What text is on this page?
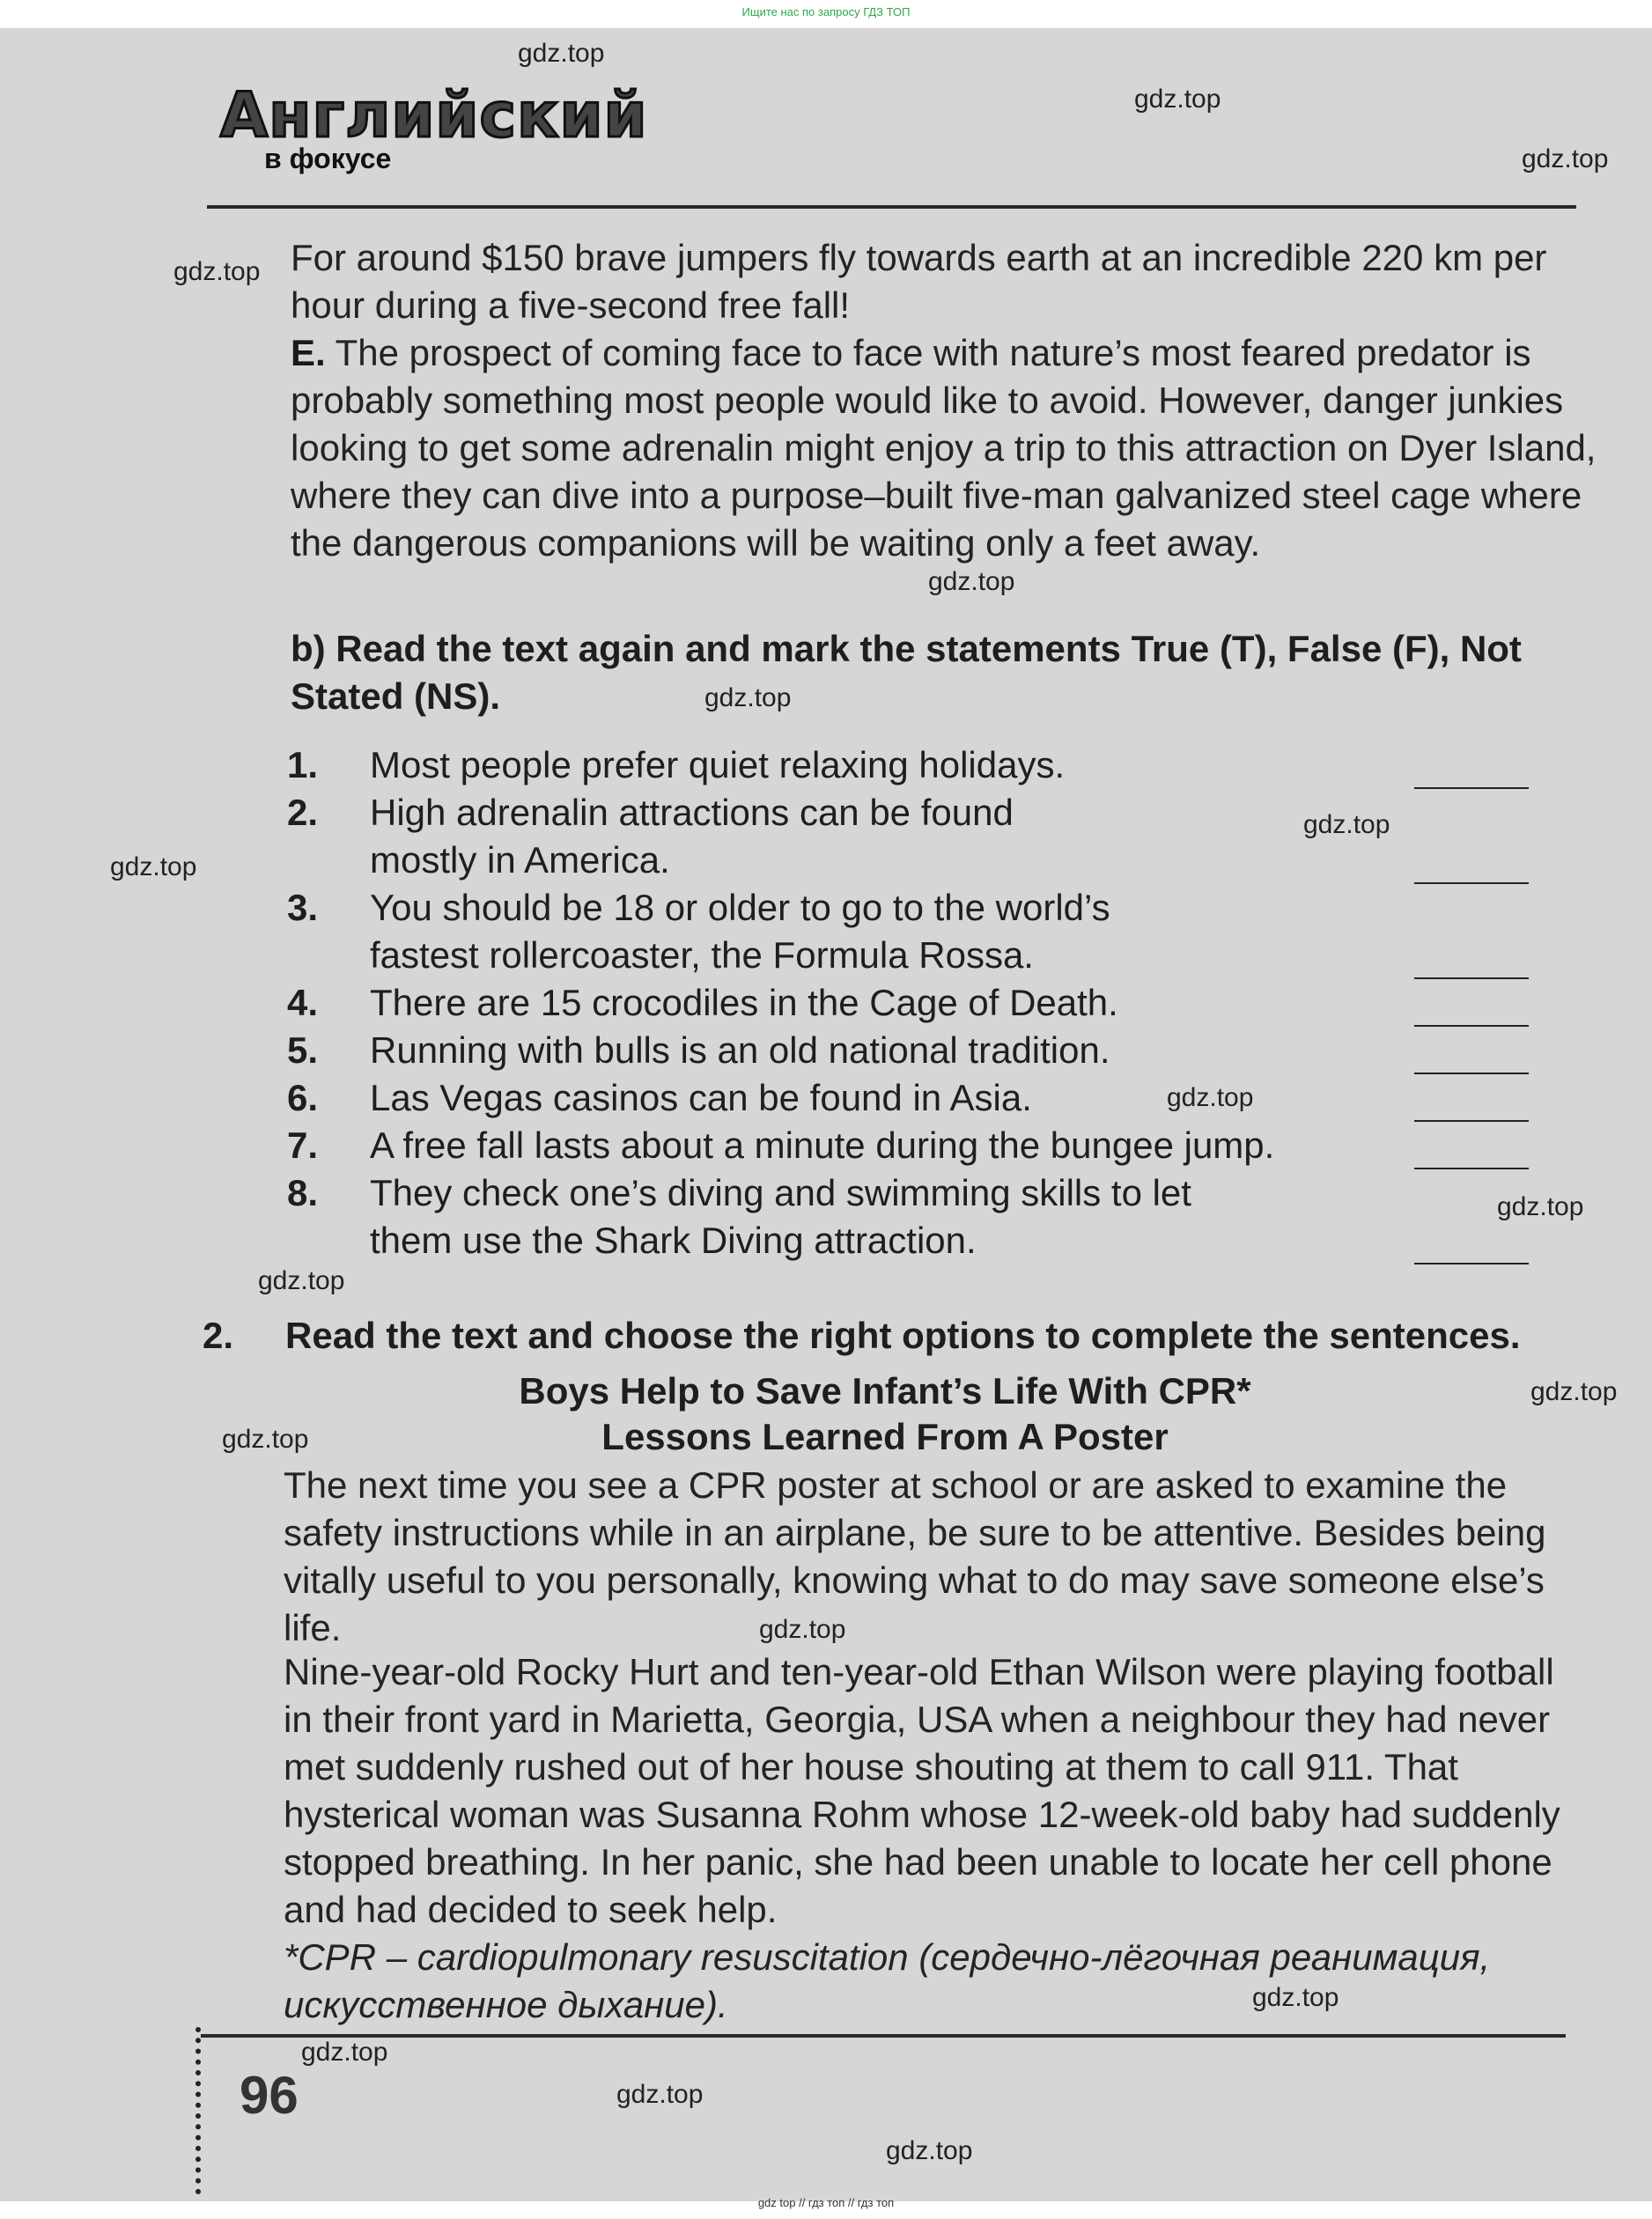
Ищите нас по запросу ГДЗ ТОП
Английский
в фокусе
gdz.top
gdz.top
gdz.top
gdz.top
gdz.top
gdz.top
gdz.top
gdz.top
gdz.top
gdz.top
gdz.top
gdz.top
gdz.top
gdz.top
gdz.top
gdz.top
gdz.top
gdz.top
For around $150 brave jumpers fly towards earth at an incredible 220 km per hour during a five-second free fall!
E. The prospect of coming face to face with nature’s most feared predator is probably something most people would like to avoid. However, danger junkies looking to get some adrenalin might enjoy a trip to this attraction on Dyer Island, where they can dive into a purpose–built five-man galvanized steel cage where the dangerous companions will be waiting only a feet away.
b) Read the text again and mark the statements True (T), False (F), Not Stated (NS).
1.	Most people prefer quiet relaxing holidays.
2.	High adrenalin attractions can be found mostly in America.
3.	You should be 18 or older to go to the world’s fastest rollercoaster, the Formula Rossa.
4.	There are 15 crocodiles in the Cage of Death.
5.	Running with bulls is an old national tradition.
6.	Las Vegas casinos can be found in Asia.
7.	A free fall lasts about a minute during the bungee jump.
8.	They check one’s diving and swimming skills to let them use the Shark Diving attraction.
2. Read the text and choose the right options to complete the sentences.
Boys Help to Save Infant’s Life With CPR*
Lessons Learned From A Poster
The next time you see a CPR poster at school or are asked to examine the safety instructions while in an airplane, be sure to be attentive. Besides being vitally useful to you personally, knowing what to do may save someone else’s life.
Nine-year-old Rocky Hurt and ten-year-old Ethan Wilson were playing football in their front yard in Marietta, Georgia, USA when a neighbour they had never met suddenly rushed out of her house shouting at them to call 911. That hysterical woman was Susanna Rohm whose 12-week-old baby had suddenly stopped breathing. In her panic, she had been unable to locate her cell phone and had decided to seek help.
*CPR – cardiopulmonary resuscitation (сердечно-лёгочная реанимация, искусственное дыхание).
96
gdz top // гдз топ // гдз топ
